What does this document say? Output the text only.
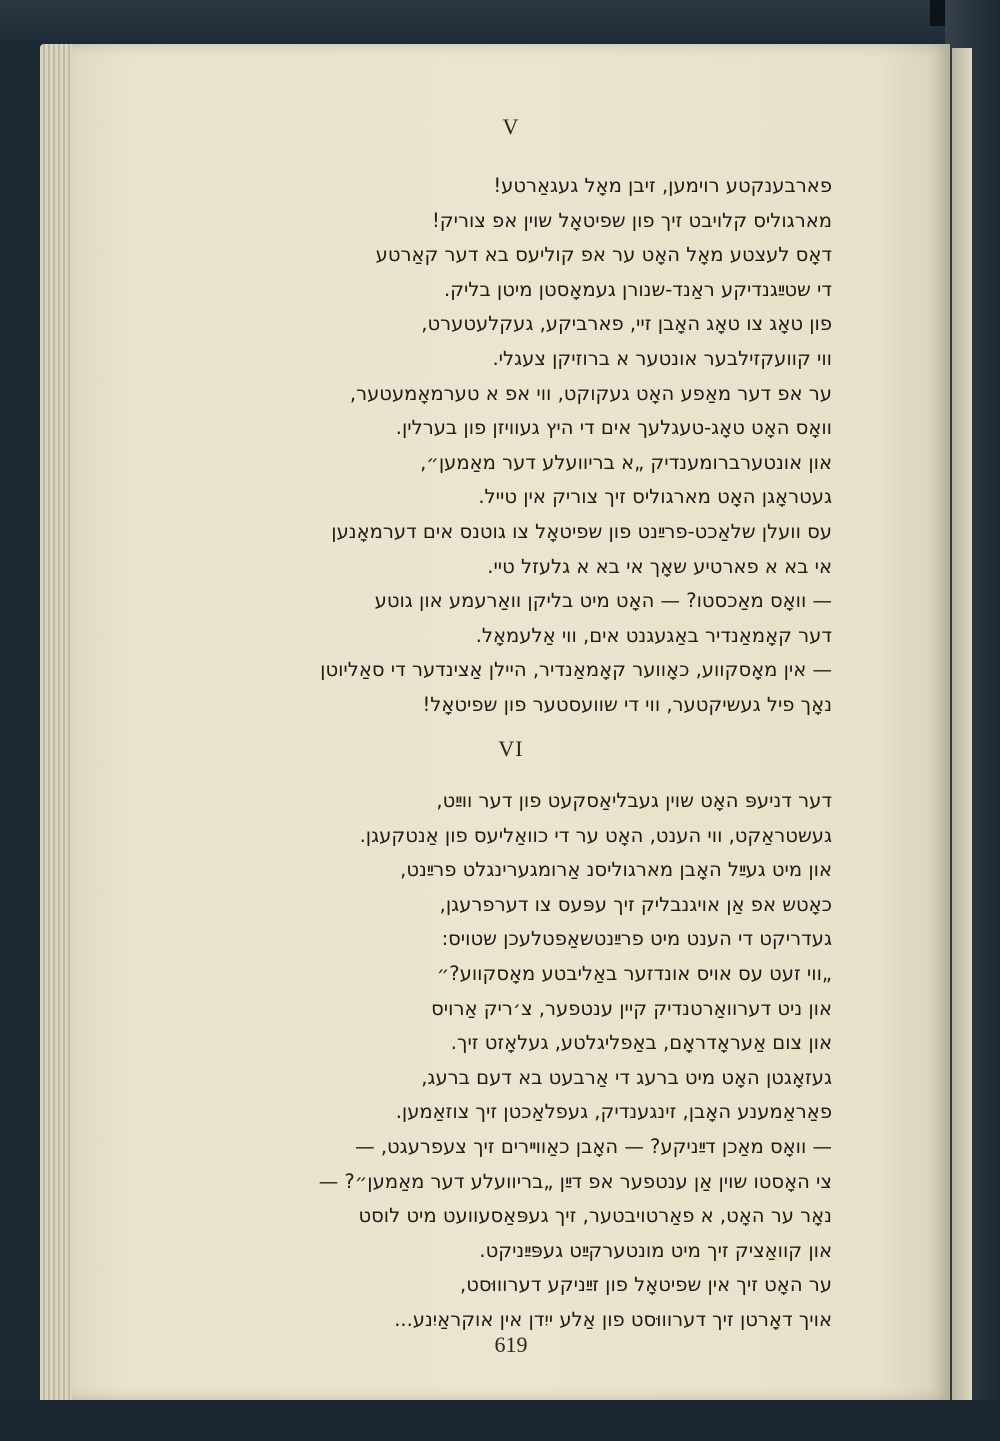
V
פארבענקטע רוימען, זיבן מאָל געגאַרטע!
מארגוליס קלויבט זיך פון שפיטאָל שוין אפ צוריק!
דאָס לעצטע מאָל האָט ער אפ קוליעס בא דער קאַרטע
די שטײַגנדיקע ראַנד-שנורן געמאָסטן מיטן בליק.
פון טאָג צו טאָג האָבן זיי, פארביקע, געקלעטערט,
ווי קוועקזילבער אונטער א ברוזיקן צעגלי.
ער אפ דער מאַפע האָט געקוקט, ווי אפ א טערמאָמעטער,
וואָס האָט טאָג-טעגלעך אים די היץ געוויזן פון בערלין.
און אונטערברומענדיק „א בריוועלע דער מאַמען״,
געטראָגן האָט מארגוליס זיך צוריק אין טייל.
עס וועלן שלאַכט-פרײַנט פון שפיטאָל צו גוטנס אים דערמאָנען
אי בא א פארטיע שאָך אי בא א גלעזל טיי.
— וואָס מאַכסטו? — האָט מיט בליקן וואַרעמע און גוטע
דער קאָמאַנדיר באַגעגנט אים, ווי אַלעמאָל.
— אין מאָסקווע, כאָווער קאָמאַנדיר, היילן אַצינדער די סאַליוטן
נאָך פיל געשיקטער, ווי די שוועסטער פון שפיטאָל!
VI
דער דניעפּ האָט שוין געבליאַסקעט פון דער ווײַט,
געשטראַקט, ווי הענט, האָט ער די כוואַליעס פון אַנטקעגן.
און מיט געײַל האָבן מארגוליסנ אַרומגערינגלט פרײַנט,
כאָטש אפ אַן אויגנבליק זיך עפּעס צו דערפרעגן,
געדריקט די הענט מיט פרײַנטשאַפטלעכן שטויס:
„ווי זעט עס אויס אונדזער באַליבטע מאָסקווע?״
און ניט דערוואַרטנדיק קיין ענטפער, צ׳ריק אַרויס
און צום אַעראָדראָם, באַפליגלטע, געלאָזט זיך.
געזאָגטן האָט מיט ברעג די אַרבעט בא דעם ברעג,
פאַראַמענע האָבן, זינגענדיק, געפלאַכטן זיך צוזאַמען.
— וואָס מאַכן דײַניקע? — האָבן כאַווײרים זיך צעפרעגט, —
צי האָסטו שוין אַן ענטפער אפ דײַן „בריוועלע דער מאַמען״? —
נאָר ער האָט, א פאַרטויבטער, זיך געפּאַסעוועט מיט לוסט
און קוואַציק זיך מיט מונטערקײַט געפּײַניקט.
ער האָט זיך אין שפיטאָל פון זײַניקע דערוווּסט,
אויך דאָרטן זיך דערוווּסט פון אַלע ייִדן אין אוקראַיִנע...
619
